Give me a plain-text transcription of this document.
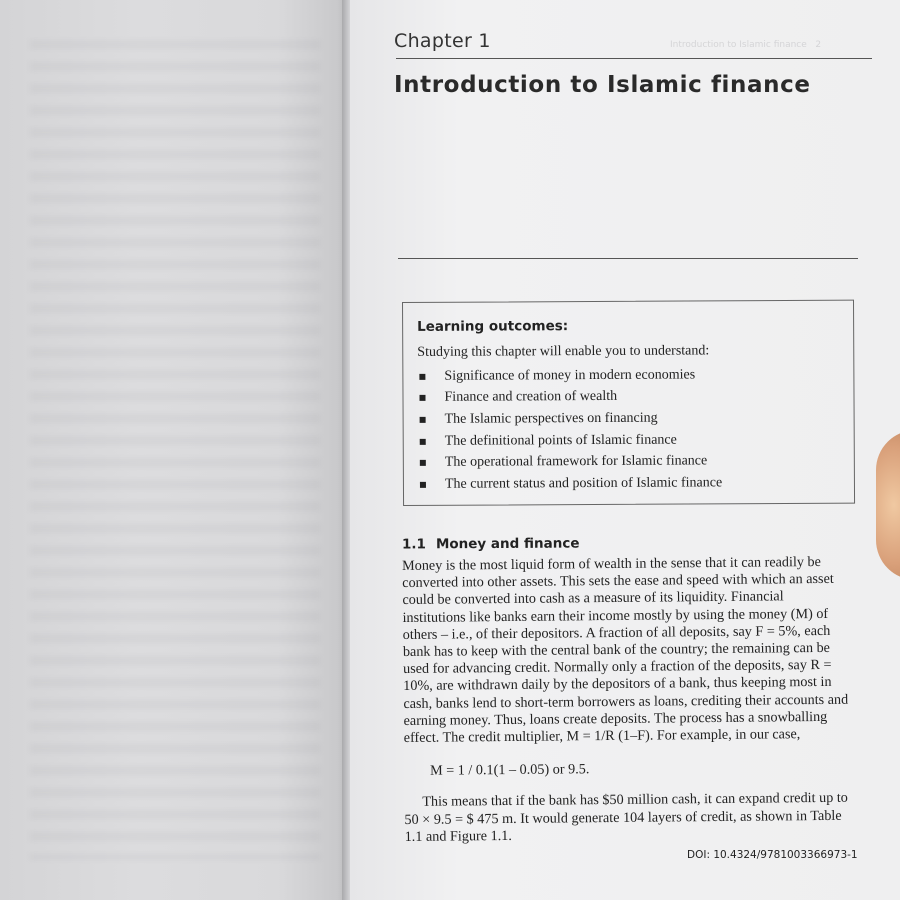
Introduction to Islamic finance 2
Chapter 1
Introduction to Islamic finance
Learning outcomes:
Studying this chapter will enable you to understand:
Significance of money in modern economies
Finance and creation of wealth
The Islamic perspectives on financing
The definitional points of Islamic finance
The operational framework for Islamic finance
The current status and position of Islamic finance
1.1 Money and finance

Money is the most liquid form of wealth in the sense that it can readily be converted into other assets. This sets the ease and speed with which an asset could be converted into cash as a measure of its liquidity. Financial institutions like banks earn their income mostly by using the money (M) of others – i.e., of their depositors. A fraction of all deposits, say F = 5%, each bank has to keep with the central bank of the country; the remaining can be used for advancing credit. Normally only a fraction of the deposits, say R = 10%, are withdrawn daily by the depositors of a bank, thus keeping most in cash, banks lend to short-term borrowers as loans, crediting their accounts and earning money. Thus, loans create deposits. The process has a snowballing effect. The credit multiplier, M = 1/R (1–F). For example, in our case,

M = 1 / 0.1(1 – 0.05) or 9.5.

This means that if the bank has $50 million cash, it can expand credit up to 50 × 9.5 = $ 475 m. It would generate 104 layers of credit, as shown in Table 1.1 and Figure 1.1.

DOI: 10.4324/9781003366973-1
